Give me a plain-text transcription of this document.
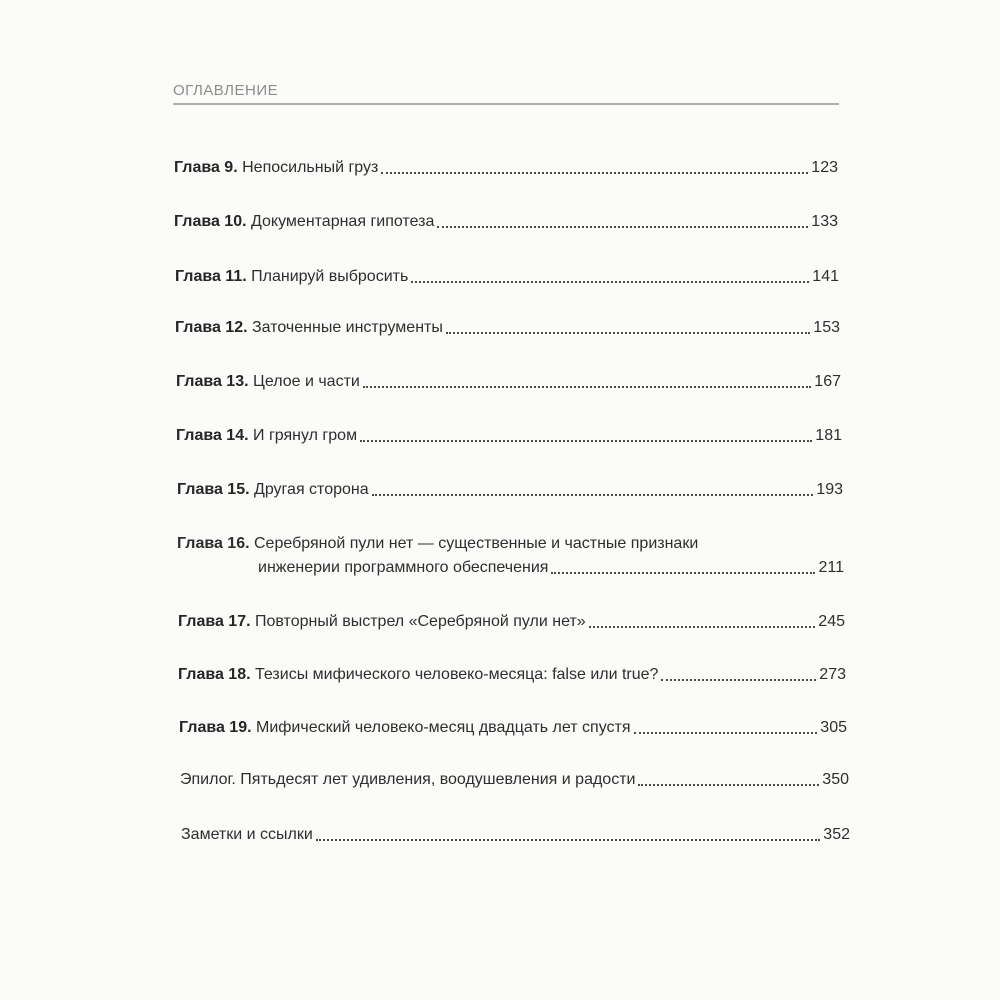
ОГЛАВЛЕНИЕ
Глава 9. Непосильный груз	123
Глава 10. Документарная гипотеза	133
Глава 11. Планируй выбросить	141
Глава 12. Заточенные инструменты	153
Глава 13. Целое и части	167
Глава 14. И грянул гром	181
Глава 15. Другая сторона	193
Глава 16. Серебряной пули нет — существенные и частные признаки
инженерии программного обеспечения	211
Глава 17. Повторный выстрел «Серебряной пули нет»	245
Глава 18. Тезисы мифического человеко-месяца: false или true?	273
Глава 19. Мифический человеко-месяц двадцать лет спустя	305
Эпилог. Пятьдесят лет удивления, воодушевления и радости	350
Заметки и ссылки	352
